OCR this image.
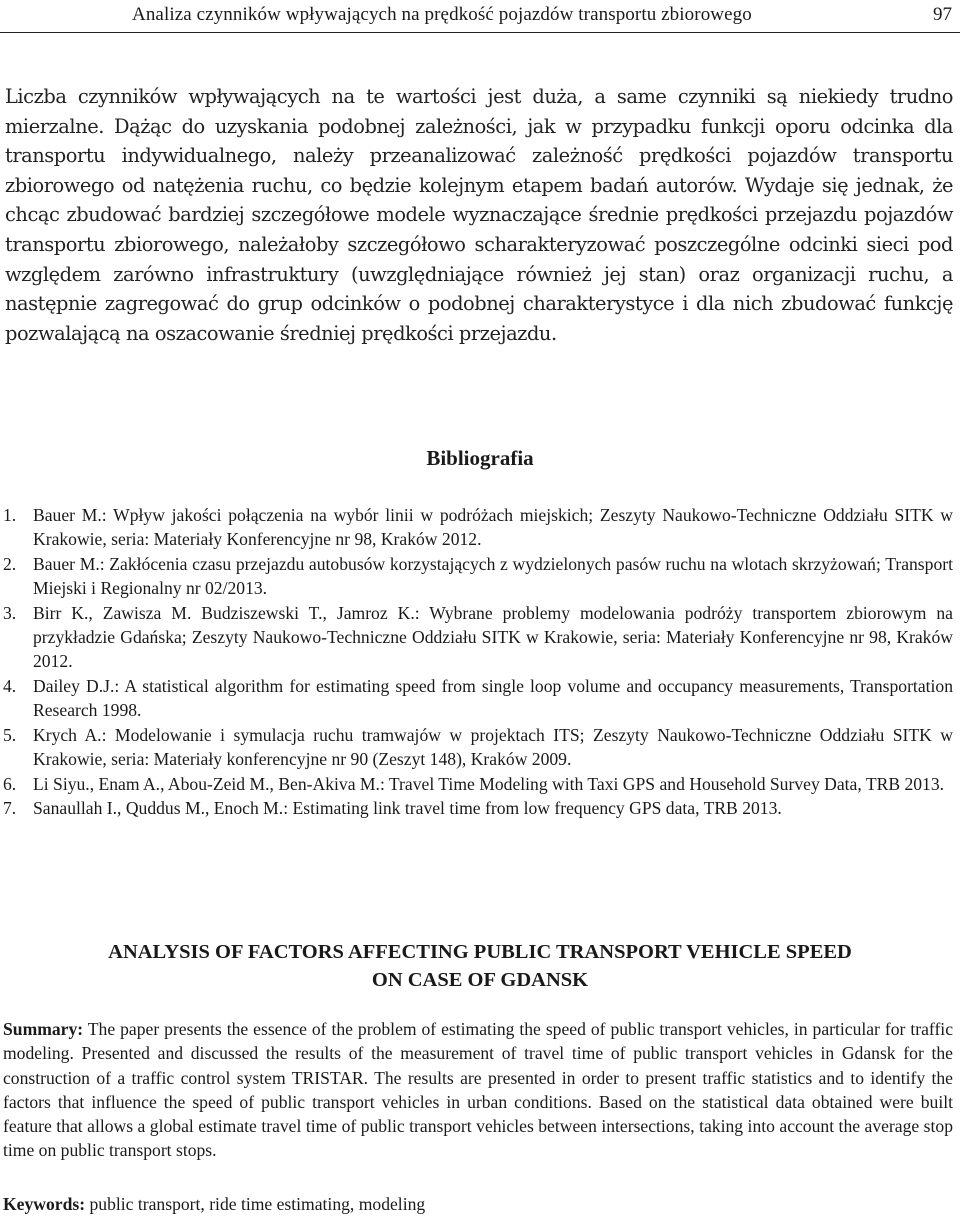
Analiza czynników wpływających na prędkość pojazdów transportu zbiorowego	97

Liczba czynników wpływających na te wartości jest duża, a same czynniki są niekiedy trudno mierzalne. Dążąc do uzyskania podobnej zależności, jak w przypadku funkcji oporu odcinka dla transportu indywidualnego, należy przeanalizować zależność prędkości pojazdów transportu zbiorowego od natężenia ruchu, co będzie kolejnym etapem badań autorów. Wydaje się jednak, że chcąc zbudować bardziej szczegółowe modele wyznaczające średnie prędkości przejazdu pojazdów transportu zbiorowego, należałoby szczegółowo scharakteryzować poszczególne odcinki sieci pod względem zarówno infrastruktury (uwzględniające również jej stan) oraz organizacji ruchu, a następnie zagregować do grup odcinków o podobnej charakterystyce i dla nich zbudować funkcję pozwalającą na oszacowanie średniej prędkości przejazdu.

Bibliografia
1. Bauer M.: Wpływ jakości połączenia na wybór linii w podróżach miejskich; Zeszyty Naukowo-Techniczne Oddziału SITK w Krakowie, seria: Materiały Konferencyjne nr 98, Kraków 2012.
2. Bauer M.: Zakłócenia czasu przejazdu autobusów korzystających z wydzielonych pasów ruchu na wlotach skrzyżowań; Transport Miejski i Regionalny nr 02/2013.
3. Birr K., Zawisza M. Budziszewski T., Jamroz K.: Wybrane problemy modelowania podróży transportem zbiorowym na przykładzie Gdańska; Zeszyty Naukowo-Techniczne Oddziału SITK w Krakowie, seria: Materiały Konferencyjne nr 98, Kraków 2012.
4. Dailey D.J.: A statistical algorithm for estimating speed from single loop volume and occupancy measurements, Transportation Research 1998.
5. Krych A.: Modelowanie i symulacja ruchu tramwajów w projektach ITS; Zeszyty Naukowo-Techniczne Oddziału SITK w Krakowie, seria: Materiały konferencyjne nr 90 (Zeszyt 148), Kraków 2009.
6. Li Siyu., Enam A., Abou-Zeid M., Ben-Akiva M.: Travel Time Modeling with Taxi GPS and Household Survey Data, TRB 2013.
7. Sanaullah I., Quddus M., Enoch M.: Estimating link travel time from low frequency GPS data, TRB 2013.
ANALYSIS OF FACTORS AFFECTING PUBLIC TRANSPORT VEHICLE SPEED
ON CASE OF GDANSK

Summary: The paper presents the essence of the problem of estimating the speed of public transport vehicles, in particular for traffic modeling. Presented and discussed the results of the measurement of travel time of public transport vehicles in Gdansk for the construction of a traffic control system TRISTAR. The results are presented in order to present traffic statistics and to identify the factors that influence the speed of public transport vehicles in urban conditions. Based on the statistical data obtained were built feature that allows a global estimate travel time of public transport vehicles between intersections, taking into account the average stop time on public transport stops.

Keywords: public transport, ride time estimating, modeling
